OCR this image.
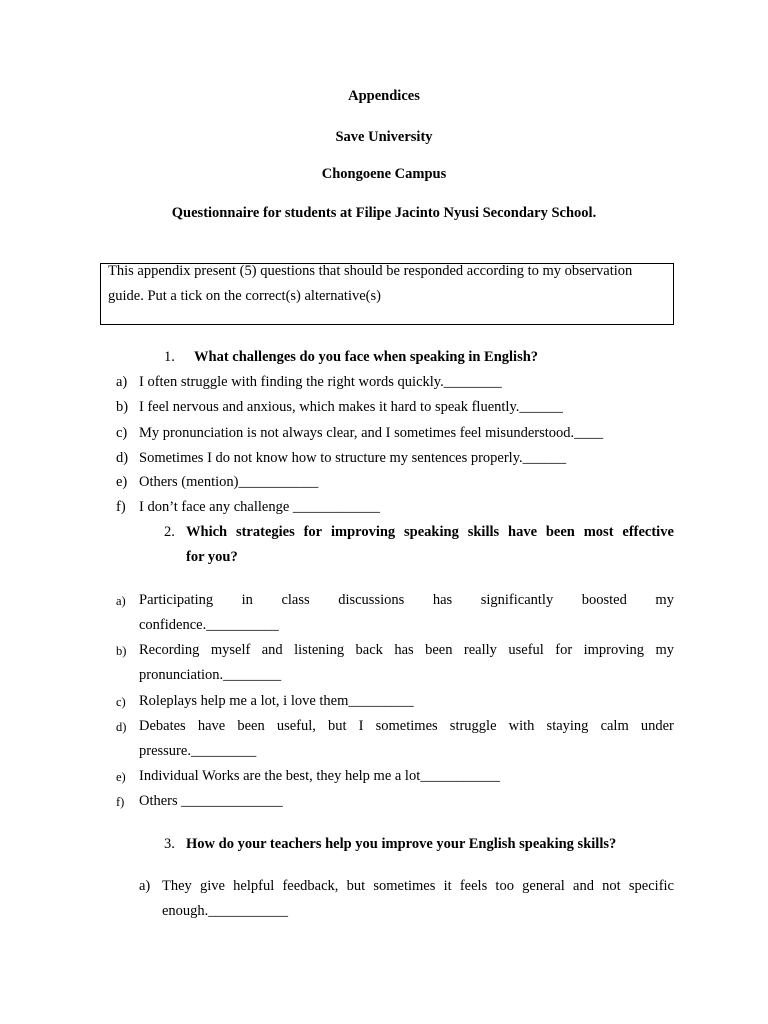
Appendices
Save University
Chongoene Campus
Questionnaire for students at Filipe Jacinto Nyusi Secondary School.
This appendix present (5) questions that should be responded according to my observation
guide. Put a tick on the correct(s) alternative(s)
1. What challenges do you face when speaking in English?
a) I often struggle with finding the right words quickly.________
b) I feel nervous and anxious, which makes it hard to speak fluently.______
c) My pronunciation is not always clear, and I sometimes feel misunderstood.____
d) Sometimes I do not know how to structure my sentences properly.______
e) Others (mention)___________
f) I don’t face any challenge ____________
2. Which strategies for improving speaking skills have been most effective
for you?
a) Participating in class discussions has significantly boosted my
confidence.__________
b) Recording myself and listening back has been really useful for improving my
pronunciation.________
c) Roleplays help me a lot, i love them_________
d) Debates have been useful, but I sometimes struggle with staying calm under
pressure._________
e) Individual Works are the best, they help me a lot___________
f) Others ______________
3. How do your teachers help you improve your English speaking skills?
a) They give helpful feedback, but sometimes it feels too general and not specific
enough.___________
